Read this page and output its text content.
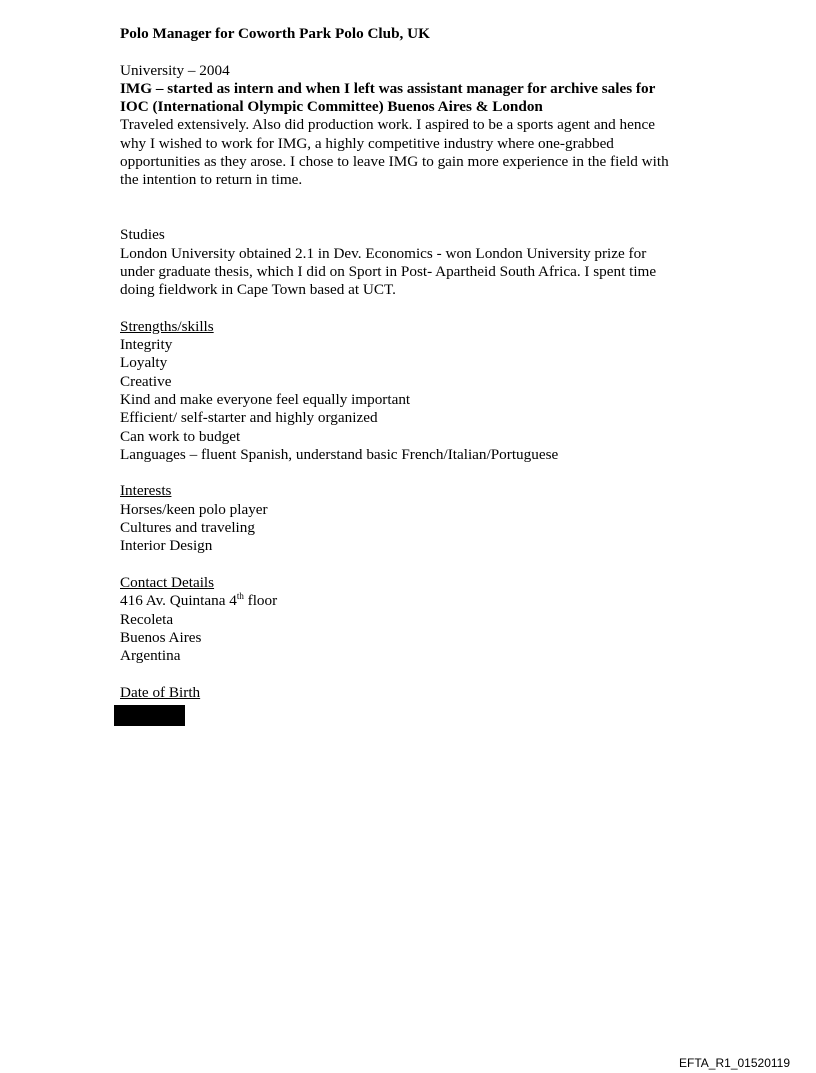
Polo Manager for Coworth Park Polo Club, UK
University – 2004
IMG – started as intern and when I left was assistant manager for archive sales for
IOC (International Olympic Committee) Buenos Aires & London
Traveled extensively. Also did production work. I aspired to be a sports agent and hence
why I wished to work for IMG, a highly competitive industry where one-grabbed
opportunities as they arose. I chose to leave IMG to gain more experience in the field with
the intention to return in time.
Studies
London University obtained 2.1 in Dev. Economics - won London University prize for
under graduate thesis, which I did on Sport in Post- Apartheid South Africa. I spent time
doing fieldwork in Cape Town based at UCT.
Strengths/skills
Integrity
Loyalty
Creative
Kind and make everyone feel equally important
Efficient/ self-starter and highly organized
Can work to budget
Languages – fluent Spanish, understand basic French/Italian/Portuguese
Interests
Horses/keen polo player
Cultures and traveling
Interior Design
Contact Details
416 Av. Quintana 4th floor
Recoleta
Buenos Aires
Argentina
Date of Birth
EFTA_R1_01520119
